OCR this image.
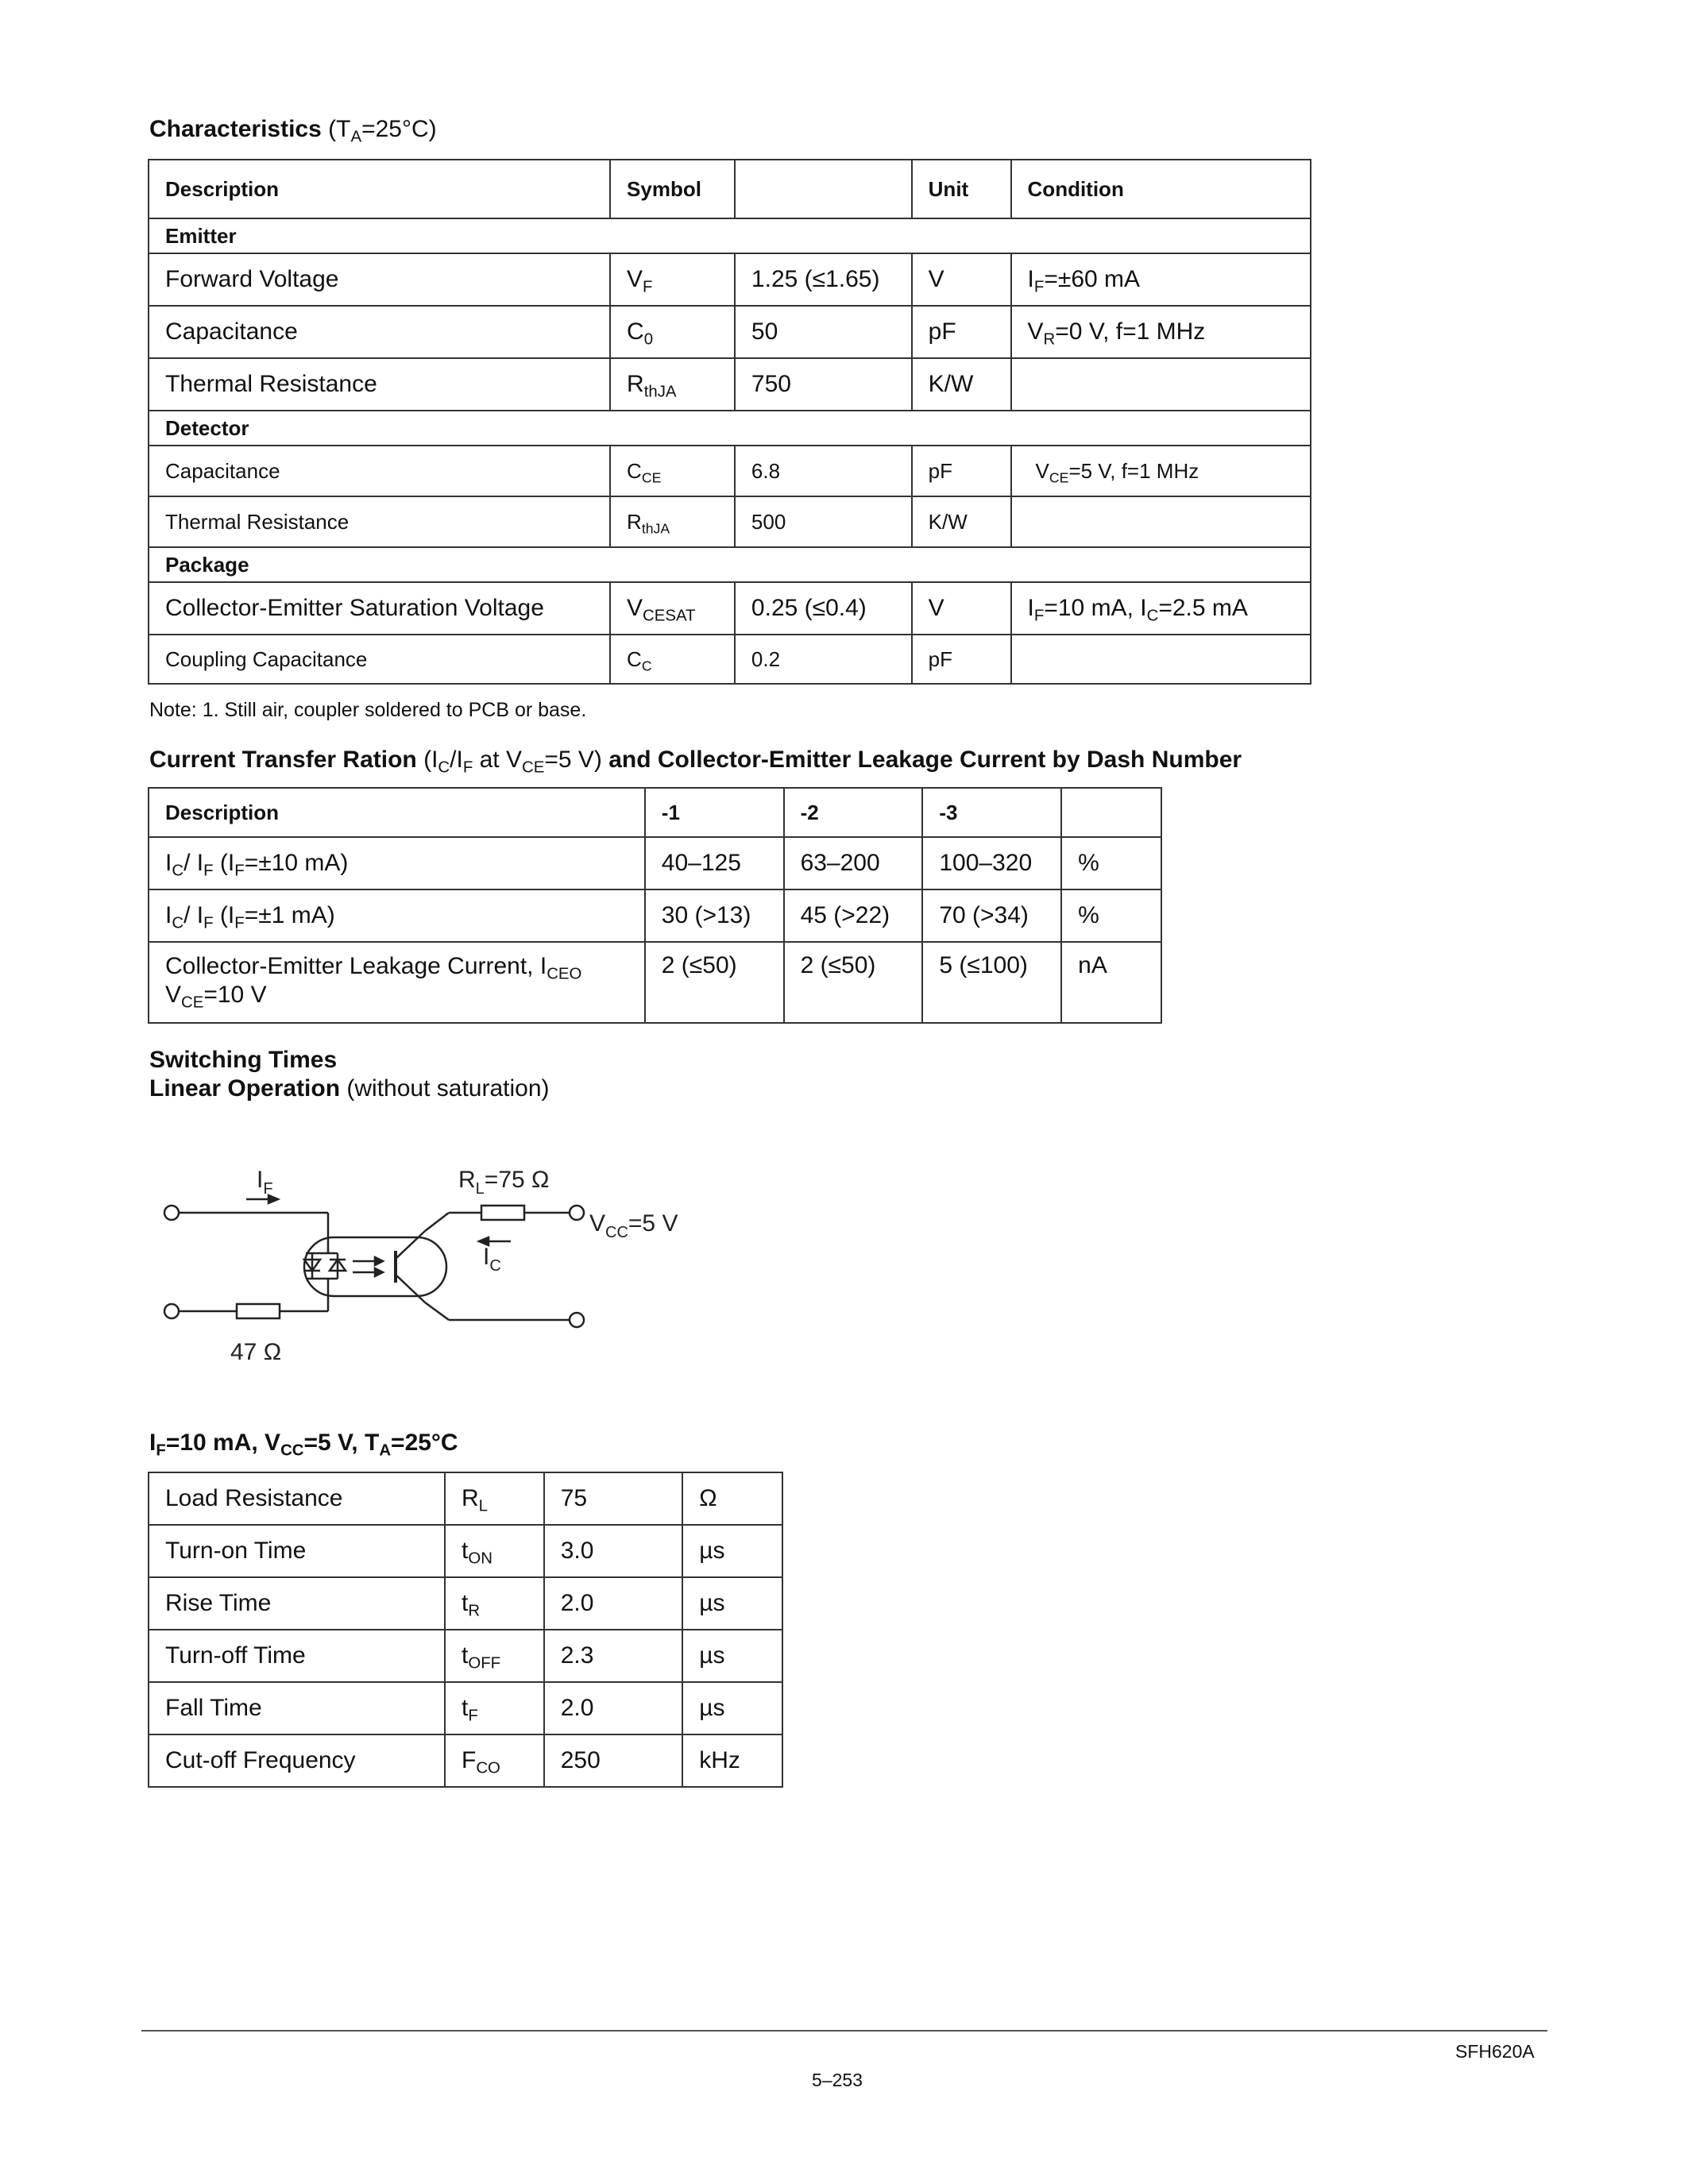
Characteristics $(T_A=25^\circ C)$
Description	Symbol		Unit	Condition
Emitter				
Forward Voltage	$V_F$	1.25 (≤1.65)	V	$I_F=\pm 60$ mA
Capacitance	$C_0$	50	pF	$V_R=0$ V, f=1 MHz
Thermal Resistance	$R_{thJA}$	750	K/W	
Detector				
Capacitance	$C_{CE}$	6.8	pF	$V_{CE}=5$ V, f=1 MHz
Thermal Resistance	$R_{thJA}$	500	K/W	
Package				
Collector-Emitter Saturation Voltage	$V_{CESAT}$	0.25 (≤0.4)	V	$I_F=10$ mA, $I_C=2.5$ mA
Coupling Capacitance	$C_C$	0.2	pF	
Note: 1. Still air, coupler soldered to PCB or base.
Current Transfer Ration ($I_C/I_F$ at $V_{CE}=5$ V) and Collector-Emitter Leakage Current by Dash Number
Description	-1	-2	-3	
$I_C/$ $I_F$ ($I_F=\pm 10$ mA)	40–125	63–200	100–320	%
$I_C/$ $I_F$ ($I_F=\pm 1$ mA)	30 (>13)	45 (>22)	70 (>34)	%
Collector-Emitter Leakage Current, $I_{CEO}$
$V_{CE}=10$ V	2 (≤50)	2 (≤50)	5 (≤100)	nA
Switching Times
Linear Operation (without saturation)
$I_F$	$R_L=75$ Ω
$V_{CC}=5$ V
$I_C$
47 Ω
$I_F=10$ mA, $V_{CC}=5$ V, $T_A=25^\circ C$
Load Resistance	$R_L$	75	Ω
Turn-on Time	$t_{ON}$	3.0	µs
Rise Time	$t_R$	2.0	µs
Turn-off Time	$t_{OFF}$	2.3	µs
Fall Time	$t_F$	2.0	µs
Cut-off Frequency	$F_{CO}$	250	kHz
SFH620A
5–253
